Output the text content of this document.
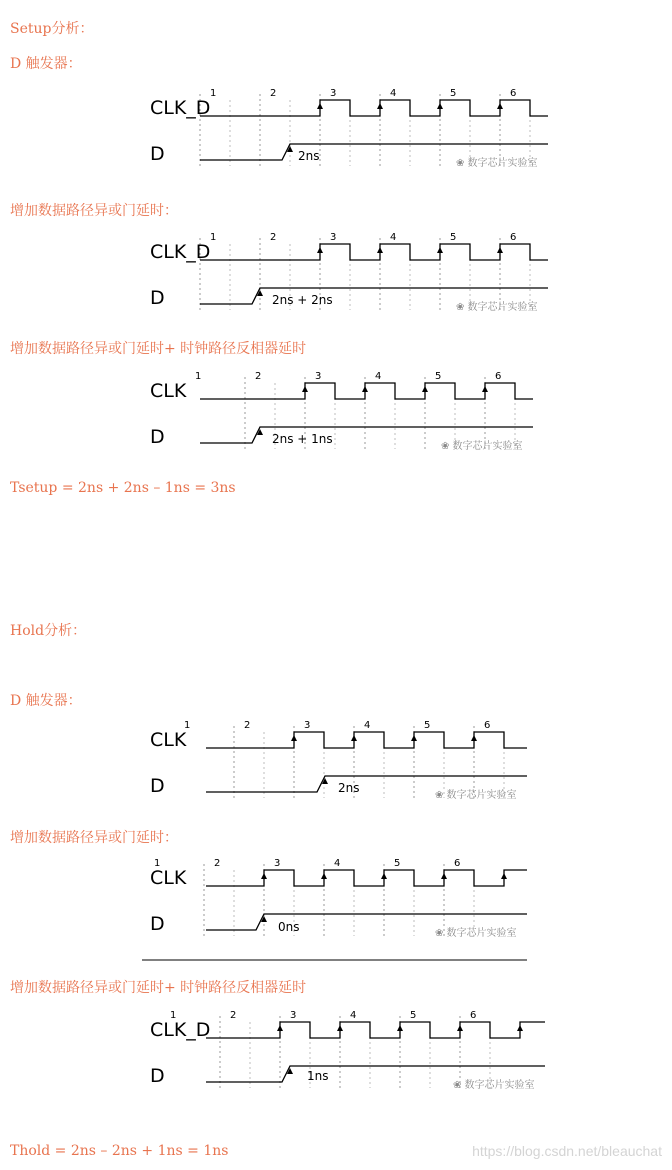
Setup分析：
D 触发器：
1	2	3	4	5	6
CLK_D
D	2ns
❀ 数字芯片实验室
增加数据路径异或门延时：
1	2	3	4	5	6
CLK_D
D	2ns + 2ns
❀ 数字芯片实验室
增加数据路径异或门延时+ 时钟路径反相器延时
1	2	3	4	5	6
CLK
D	2ns + 1ns
❀ 数字芯片实验室
Tsetup = 2ns + 2ns – 1ns = 3ns
Hold分析：
D 触发器：
1	2	3	4	5	6
CLK
D	2ns
❀ 数字芯片实验室
增加数据路径异或门延时：
1	2	3	4	5	6
CLK
D	0ns	❀ 数字芯片实验室
增加数据路径异或门延时+ 时钟路径反相器延时
1	2	3	4	5	6
CLK_D
D	1ns
❀ 数字芯片实验室
Thold = 2ns – 2ns + 1ns = 1ns	https://blog.csdn.net/bleauchat
